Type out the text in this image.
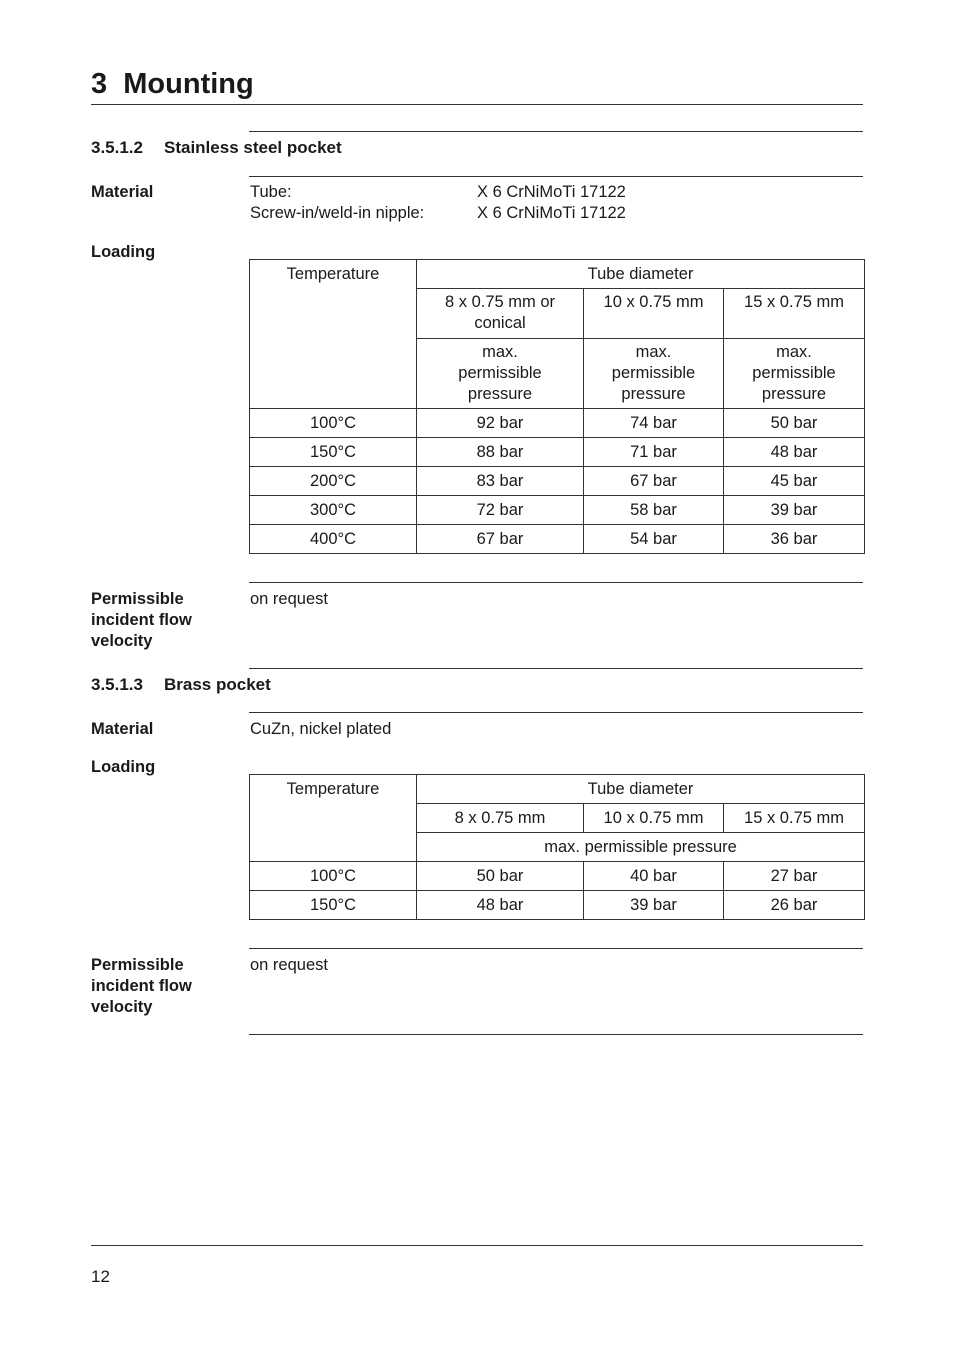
3 Mounting
3.5.1.2 Stainless steel pocket
Material	Tube:	X 6 CrNiMoTi 17122
Screw-in/weld-in nipple:	X 6 CrNiMoTi 17122
Loading
Temperature	Tube diameter		
	8 x 0.75 mm or conical	10 x 0.75 mm	15 x 0.75 mm
	max. permissible pressure	max. permissible pressure	max. permissible pressure
100°C	92 bar	74 bar	50 bar
150°C	88 bar	71 bar	48 bar
200°C	83 bar	67 bar	45 bar
300°C	72 bar	58 bar	39 bar
400°C	67 bar	54 bar	36 bar
Permissible incident flow velocity
on request
3.5.1.3 Brass pocket
Material	CuZn, nickel plated
Loading
Temperature	Tube diameter		
	8 x 0.75 mm	10 x 0.75 mm	15 x 0.75 mm
	max. permissible pressure		
100°C	50 bar	40 bar	27 bar
150°C	48 bar	39 bar	26 bar
Permissible incident flow velocity
on request
12
